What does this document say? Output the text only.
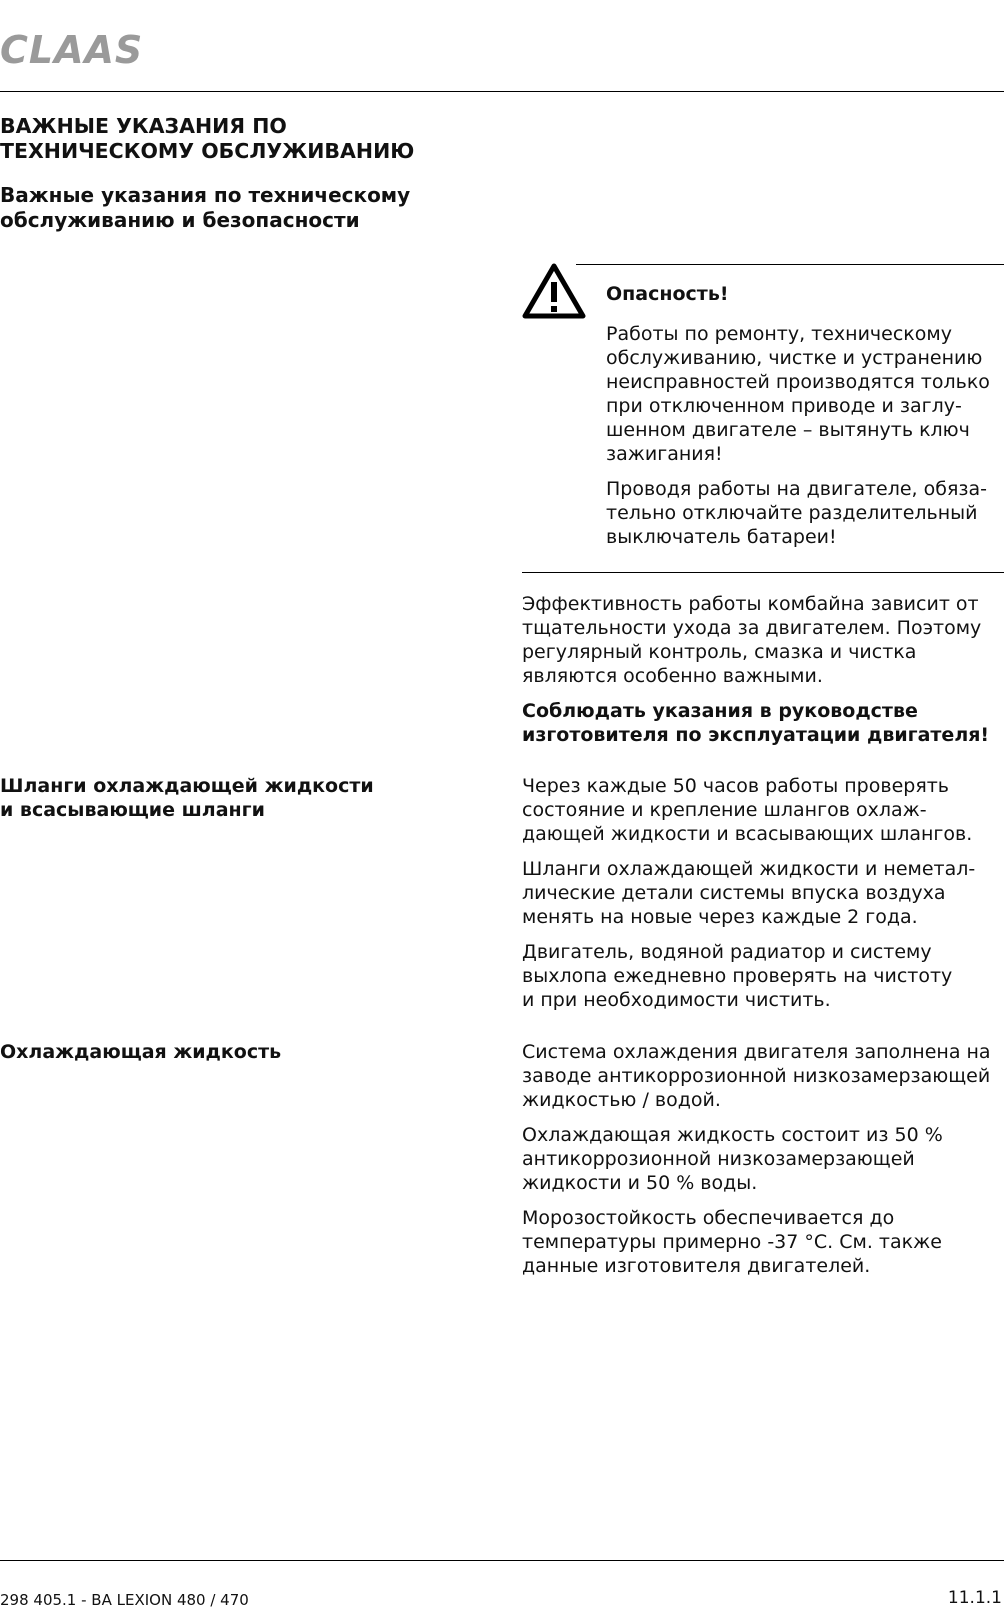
CLAAS
ВАЖНЫЕ УКАЗАНИЯ ПО
ТЕХНИЧЕСКОМУ ОБСЛУЖИВАНИЮ
Важные указания по техническому
обслуживанию и безопасности
Опасность!

Работы по ремонту, техническому
обслуживанию, чистке и устранению
неисправностей производятся только
при отключенном приводе и заглу-
шенном двигателе – вытянуть ключ
зажигания!

Проводя работы на двигателе, обяза-
тельно отключайте разделительный
выключатель батареи!

Эффективность работы комбайна зависит от
тщательности ухода за двигателем. Поэтому
регулярный контроль, смазка и чистка
являются особенно важными.

Соблюдать указания в руководстве
изготовителя по эксплуатации двигателя!

Шланги охлаждающей жидкости
и всасывающие шланги

Через каждые 50 часов работы проверять
состояние и крепление шлангов охлаж-
дающей жидкости и всасывающих шлангов.

Шланги охлаждающей жидкости и неметал-
лические детали системы впуска воздуха
менять на новые через каждые 2 года.

Двигатель, водяной радиатор и систему
выхлопа ежедневно проверять на чистоту
и при необходимости чистить.

Охлаждающая жидкость	Система охлаждения двигателя заполнена на
заводе антикоррозионной низкозамерзающей
жидкостью / водой.

Охлаждающая жидкость состоит из 50 %
антикоррозионной низкозамерзающей
жидкости и 50 % воды.

Морозостойкость обеспечивается до
температуры примерно -37 °C. См. также
данные изготовителя двигателей.

298 405.1 - BA LEXION 480 / 470	11.1.1
